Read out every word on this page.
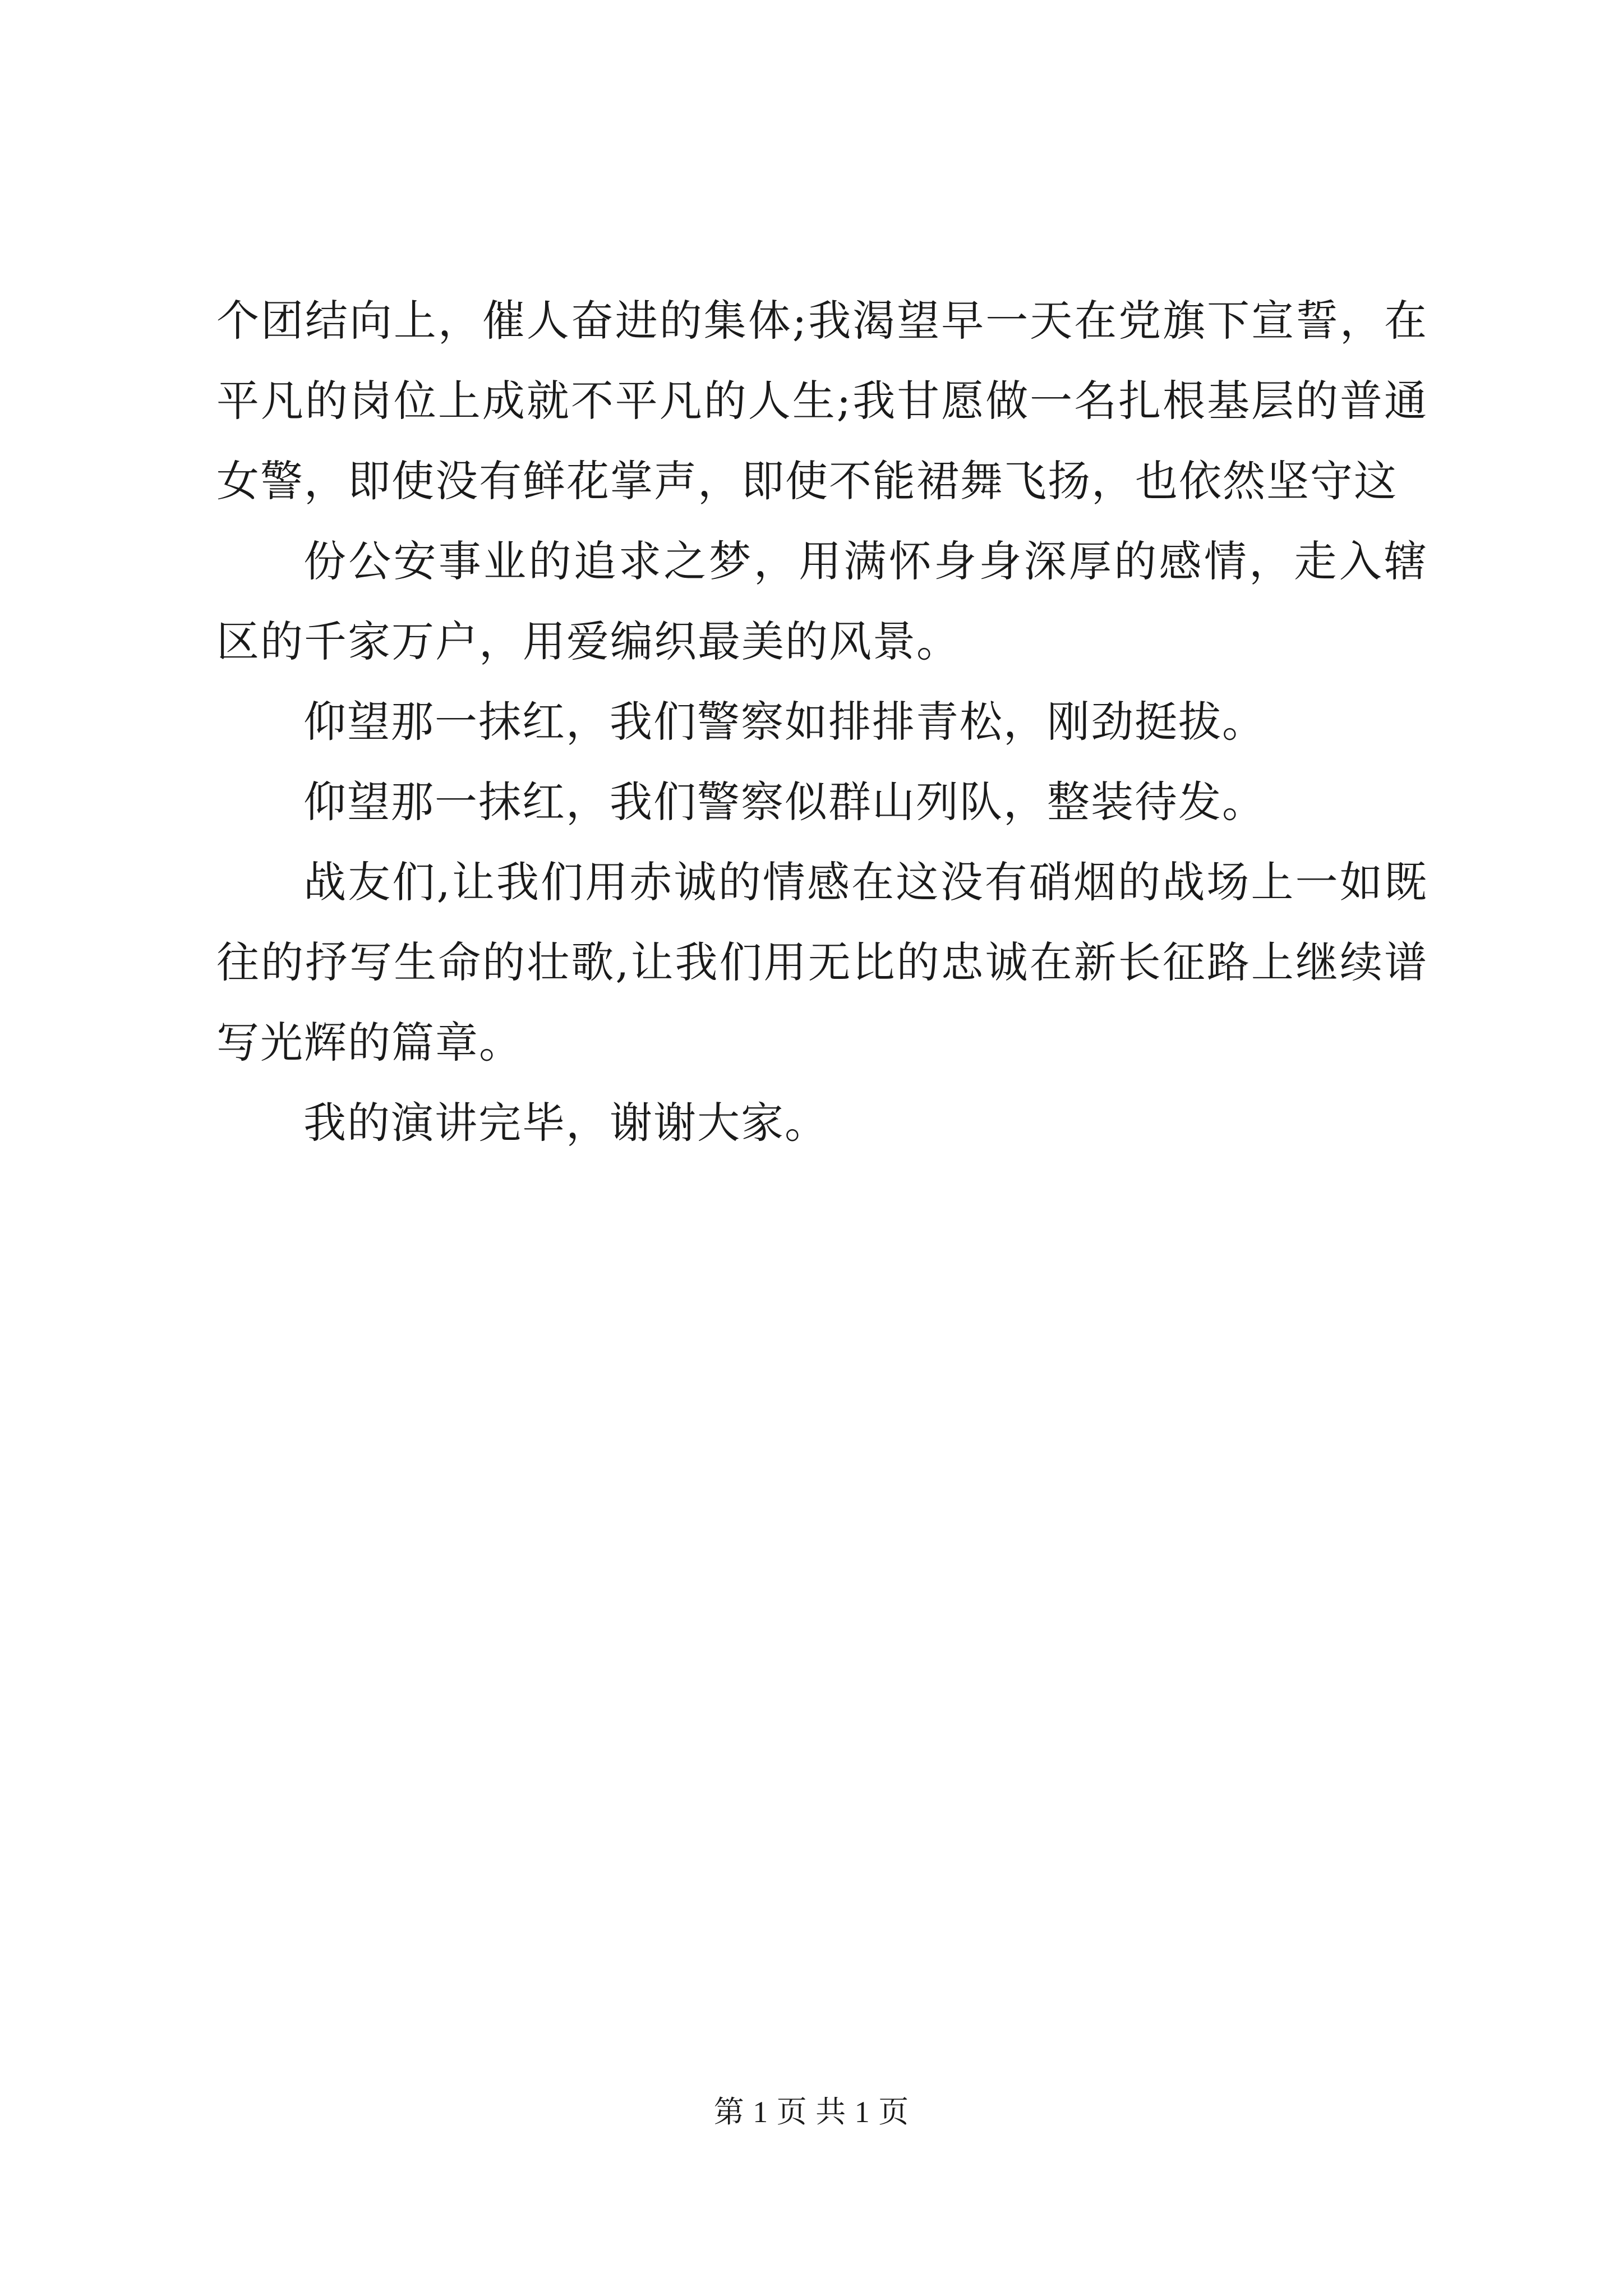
个团结向上，催人奋进的集体;我渴望早一天在党旗下宣誓，在平凡的岗位上成就不平凡的人生;我甘愿做一名扎根基层的普通女警，即使没有鲜花掌声，即使不能裙舞飞扬，也依然坚守这

份公安事业的追求之梦，用满怀身身深厚的感情，走入辖区的千家万户，用爱编织最美的风景。

仰望那一抹红，我们警察如排排青松，刚劲挺拔。

仰望那一抹红，我们警察似群山列队，整装待发。

战友们,让我们用赤诚的情感在这没有硝烟的战场上一如既往的抒写生命的壮歌,让我们用无比的忠诚在新长征路上继续谱写光辉的篇章。

我的演讲完毕，谢谢大家。

第 1 页 共 1 页
